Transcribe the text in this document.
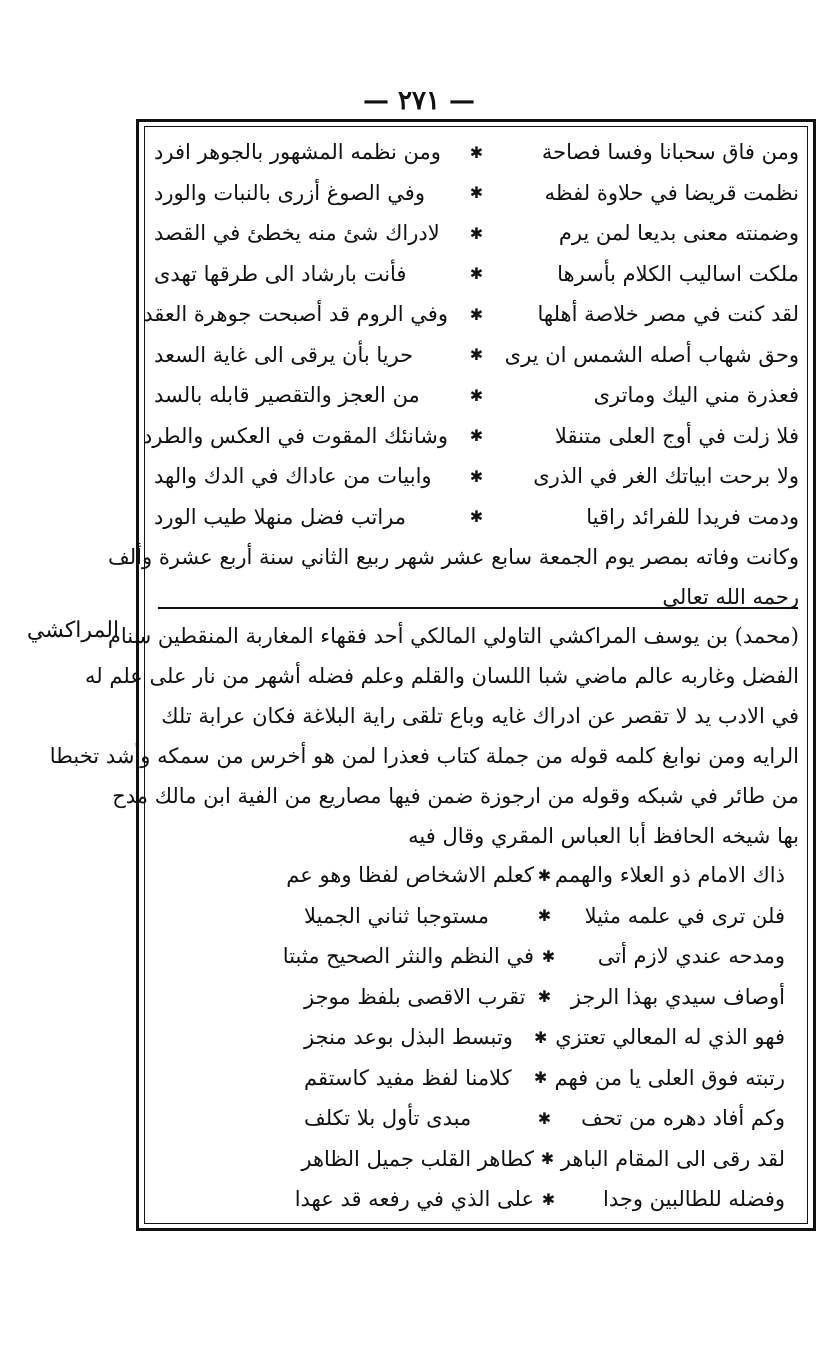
— ٢٧١ —
المراكشي
ومن فاق سحبانا وفسا فصاحة
✱
ومن نظمه المشهور بالجوهر افرد
نظمت قريضا في حلاوة لفظه
✱
وفي الصوغ أزرى بالنبات والورد
وضمنته معنى بديعا لمن يرم
✱
لادراك شئ منه يخطئ في القصد
ملكت اساليب الكلام بأسرها
✱
فأنت بارشاد الى طرقها تهدى
لقد كنت في مصر خلاصة أهلها
✱
وفي الروم قد أصبحت جوهرة العقد
وحق شهاب أصله الشمس ان يرى
✱
حريا بأن يرقى الى غاية السعد
فعذرة مني اليك وماترى
✱
من العجز والتقصير قابله بالسد
فلا زلت في أوج العلى متنقلا
✱
وشانئك المقوت في العكس والطرد
ولا برحت ابياتك الغر في الذرى
✱
وابيات من عاداك في الدك والهد
ودمت فريدا للفرائد راقيا
✱
مراتب فضل منهلا طيب الورد
وكانت وفاته بمصر يوم الجمعة سابع عشر شهر ربيع الثاني سنة أربع عشرة وألف
رحمه الله تعالى
(محمد) بن يوسف المراكشي التاولي المالكي أحد فقهاء المغاربة المنقطين سنام
الفضل وغاربه عالم ماضي شبا اللسان والقلم وعلم فضله أشهر من نار على علم له
في الادب يد لا تقصر عن ادراك غايه وباع تلقى راية البلاغة فكان عرابة تلك
الرايه ومن نوابغ كلمه قوله من جملة كتاب فعذرا لمن هو أخرس من سمكه وأشد تخبطا
من طائر في شبكه وقوله من ارجوزة ضمن فيها مصاريع من الفية ابن مالك مدح
بها شيخه الحافظ أبا العباس المقري وقال فيه
ذاك الامام ذو العلاء والهمم
✱
كعلم الاشخاص لفظا وهو عم
فلن ترى في علمه مثيلا
✱
مستوجبا ثناني الجميلا
ومدحه عندي لازم أتى
✱
في النظم والنثر الصحيح مثبتا
أوصاف سيدي بهذا الرجز
✱
تقرب الاقصى بلفظ موجز
فهو الذي له المعالي تعتزي
✱
وتبسط البذل بوعد منجز
رتبته فوق العلى يا من فهم
✱
كلامنا لفظ مفيد كاستقم
وكم أفاد دهره من تحف
✱
مبدى تأول بلا تكلف
لقد رقى الى المقام الباهر
✱
كطاهر القلب جميل الظاهر
وفضله للطالبين وجدا
✱
على الذي في رفعه قد عهدا
